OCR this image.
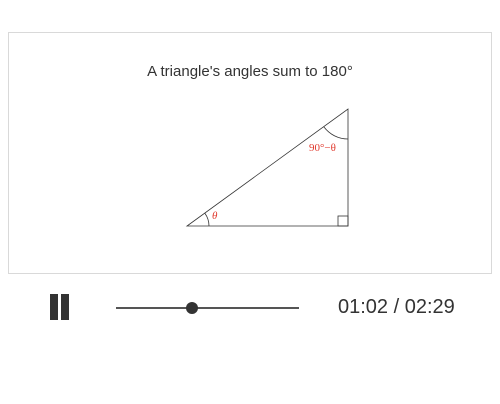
A triangle's angles sum to 180°
θ
90°−θ
01:02 / 02:29
